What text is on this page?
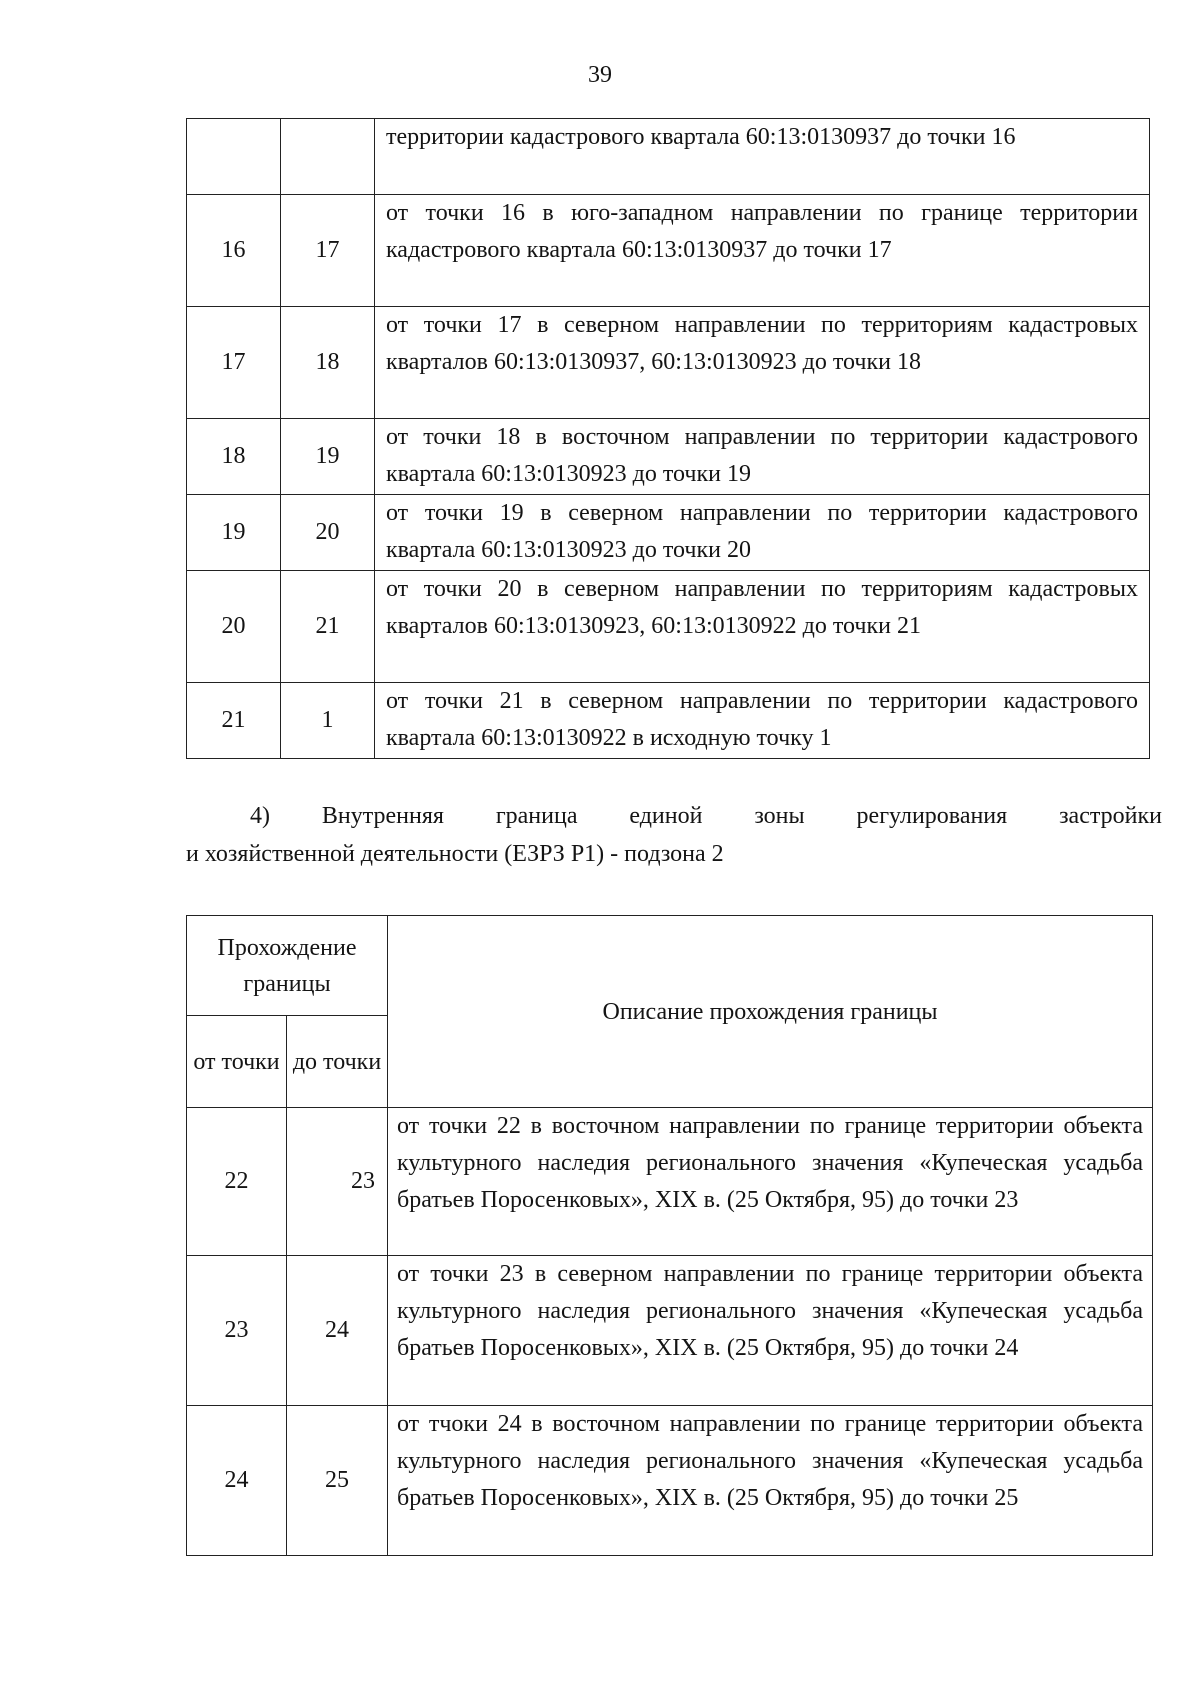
39
		территории кадастрового квартала 60:13:0130937 до точки 16
16	17	от точки 16 в юго-западном направлении по границе территории кадастрового квартала 60:13:0130937 до точки 17
17	18	от точки 17 в северном направлении по территориям кадастровых кварталов 60:13:0130937, 60:13:0130923 до точки 18
18	19	от точки 18 в восточном направлении по территории кадастрового квартала 60:13:0130923 до точки 19
19	20	от точки 19 в северном направлении по территории кадастрового квартала 60:13:0130923 до точки 20
20	21	от точки 20 в северном направлении по территориям кадастровых кварталов 60:13:0130923, 60:13:0130922 до точки 21
21	1	от точки 21 в северном направлении по территории кадастрового квартала 60:13:0130922 в исходную точку 1
4) Внутренняя граница единой зоны регулирования застройки
и хозяйственной деятельности (ЕЗРЗ Р1) - подзона 2
Прохождение границы		Описание прохождения границы
от точки	до точки	
22	23	от точки 22 в восточном направлении по границе территории объекта культурного наследия регионального значения «Купеческая усадьба братьев Поросенковых», XIX в. (25 Октября, 95) до точки 23
23	24	от точки 23 в северном направлении по границе территории объекта культурного наследия регионального значения «Купеческая усадьба братьев Поросенковых», XIX в. (25 Октября, 95) до точки 24
24	25	от тчоки 24 в восточном направлении по границе территории объекта культурного наследия регионального значения «Купеческая усадьба братьев Поросенковых», XIX в. (25 Октября, 95) до точки 25
